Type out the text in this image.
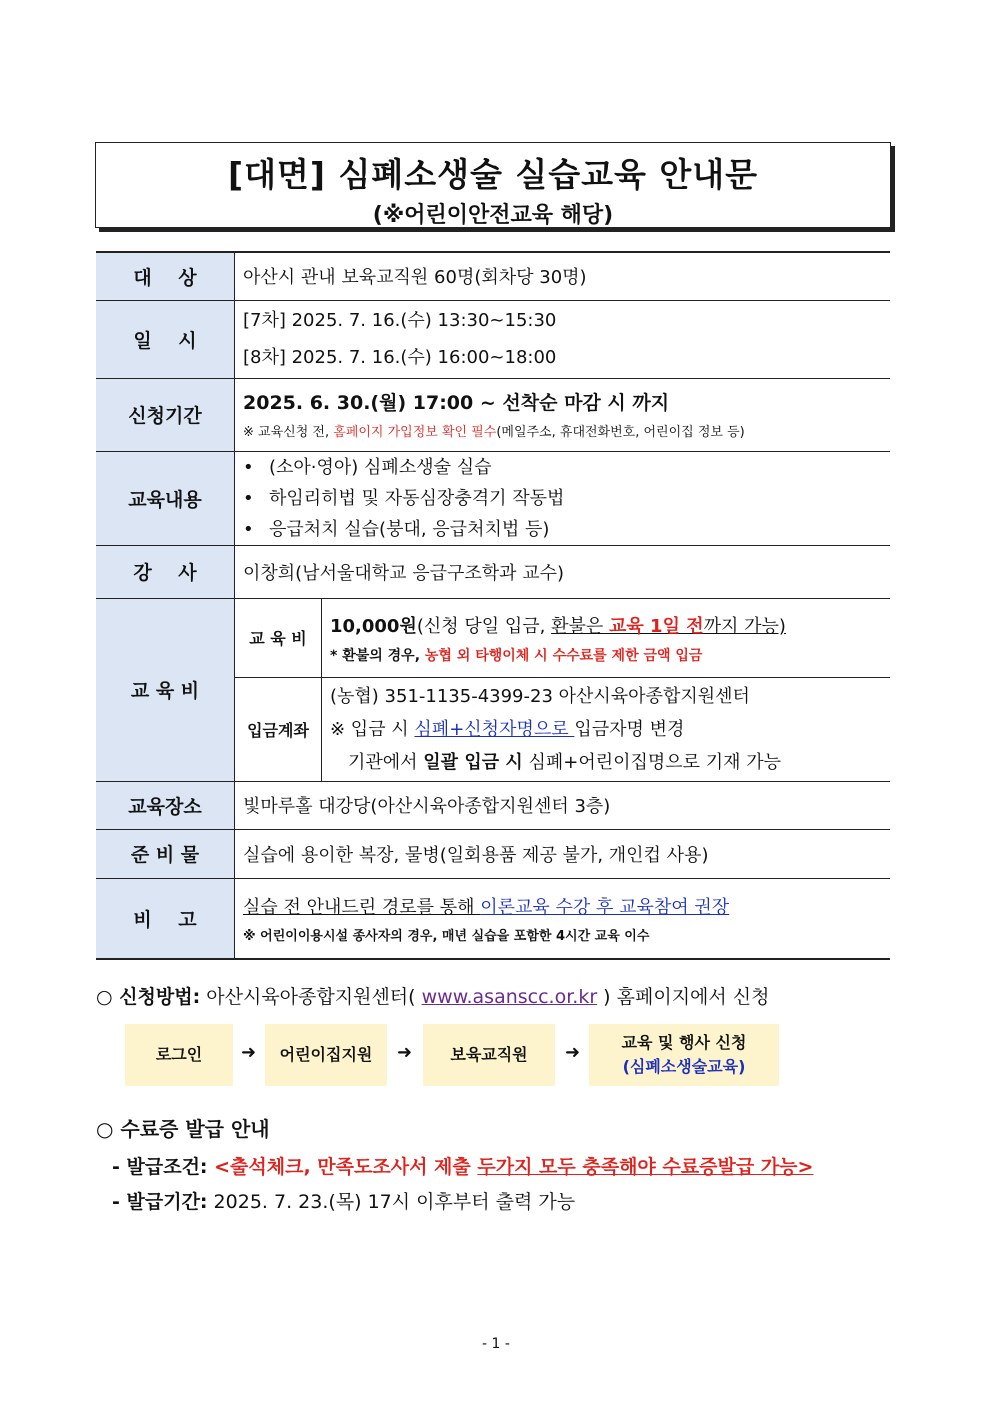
[대면] 심폐소생술 실습교육 안내문
(※어린이안전교육 해당)
대    상	아산시 관내 보육교직원 60명(회차당 30명)	
일    시	[7차] 2025. 7. 16.(수) 13:30~15:30
[8차] 2025. 7. 16.(수) 16:00~18:00	

신청기간	2025. 6. 30.(월) 17:00 ~ 선착순 마감 시 까지
※ 교육신청 전, 홈페이지 가입정보 확인 필수(메일주소, 휴대전화번호, 어린이집 정보 등)	

교육내용	• (소아·영아) 심폐소생술 실습
• 하임리히법 및 자동심장충격기 작동법
• 응급처치 실습(붕대, 응급처치법 등)	

강    사	이창희(남서울대학교 응급구조학과 교수)	
교 육 비	교 육 비	10,000원(신청 당일 입금, 환불은 교육 1일 전까지 가능)
* 환불의 경우, 농협 외 타행이체 시 수수료를 제한 금액 입금

	입금계좌	(농협) 351-1135-4399-23 아산시육아종합지원센터
※ 입금 시 심폐+신청자명으로 입금자명 변경
기관에서 일괄 입금 시 심폐+어린이집명으로 기재 가능

교육장소	빛마루홀 대강당(아산시육아종합지원센터 3층)	
준 비 물	실습에 용이한 복장, 물병(일회용품 제공 불가, 개인컵 사용)	
비    고	실습 전 안내드린 경로를 통해 이론교육 수강 후 교육참여 권장
※ 어린이이용시설 종사자의 경우, 매년 실습을 포함한 4시간 교육 이수	
○ 신청방법: 아산시육아종합지원센터( www.asanscc.or.kr ) 홈페이지에서 신청
로그인	➜	어린이집지원	➜	보육교직원	➜	교육 및 행사 신청
(심폐소생술교육)
○ 수료증 발급 안내
- 발급조건: <출석체크, 만족도조사서 제출 두가지 모두 충족해야 수료증발급 가능>
- 발급기간: 2025. 7. 23.(목) 17시 이후부터 출력 가능
- 1 -
